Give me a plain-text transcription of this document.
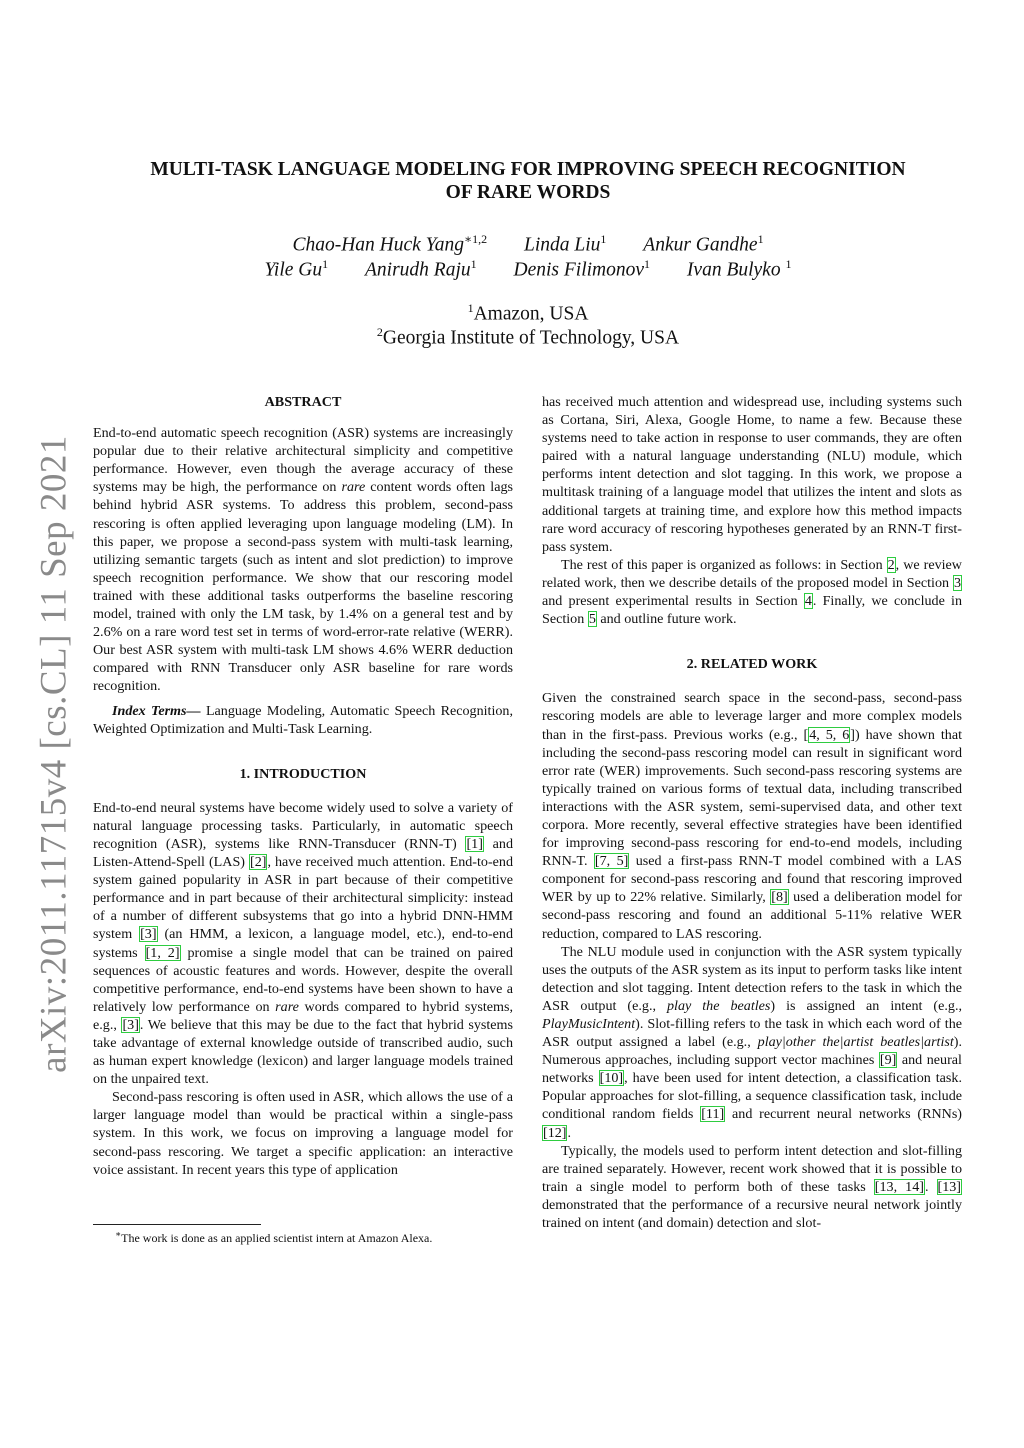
arXiv:2011.11715v4 [cs.CL] 11 Sep 2021
MULTI-TASK LANGUAGE MODELING FOR IMPROVING SPEECH RECOGNITION
OF RARE WORDS
Chao-Han Huck Yang$^{∗1,2}$ Linda Liu$^1$ Ankur Gandhe$^1$
Yile Gu$^1$ Anirudh Raju$^1$ Denis Filimonov$^1$ Ivan Bulyko $^1$
$^1$Amazon, USA
$^2$Georgia Institute of Technology, USA
ABSTRACT

End-to-end automatic speech recognition (ASR) systems are increasingly popular due to their relative architectural simplicity and competitive performance. However, even though the average accuracy of these systems may be high, the performance on rare content words often lags behind hybrid ASR systems. To address this problem, second-pass rescoring is often applied leveraging upon language modeling (LM). In this paper, we propose a second-pass system with multi-task learning, utilizing semantic targets (such as intent and slot prediction) to improve speech recognition performance. We show that our rescoring model trained with these additional tasks outperforms the baseline rescoring model, trained with only the LM task, by 1.4% on a general test and by 2.6% on a rare word test set in terms of word-error-rate relative (WERR). Our best ASR system with multi-task LM shows 4.6% WERR deduction compared with RNN Transducer only ASR baseline for rare words recognition.

Index Terms— Language Modeling, Automatic Speech Recognition, Weighted Optimization and Multi-Task Learning.

1. INTRODUCTION

End-to-end neural systems have become widely used to solve a variety of natural language processing tasks. Particularly, in automatic speech recognition (ASR), systems like RNN-Transducer (RNN-T) [1] and Listen-Attend-Spell (LAS) [2], have received much attention. End-to-end system gained popularity in ASR in part because of their competitive performance and in part because of their architectural simplicity: instead of a number of different subsystems that go into a hybrid DNN-HMM system [3] (an HMM, a lexicon, a language model, etc.), end-to-end systems [1, 2] promise a single model that can be trained on paired sequences of acoustic features and words. However, despite the overall competitive performance, end-to-end systems have been shown to have a relatively low performance on rare words compared to hybrid systems, e.g., [3]. We believe that this may be due to the fact that hybrid systems take advantage of external knowledge outside of transcribed audio, such as human expert knowledge (lexicon) and larger language models trained on the unpaired text.

Second-pass rescoring is often used in ASR, which allows the use of a larger language model than would be practical within a single-pass system. In this work, we focus on improving a language model for second-pass rescoring. We target a specific application: an interactive voice assistant. In recent years this type of application

∗The work is done as an applied scientist intern at Amazon Alexa.

has received much attention and widespread use, including systems such as Cortana, Siri, Alexa, Google Home, to name a few. Because these systems need to take action in response to user commands, they are often paired with a natural language understanding (NLU) module, which performs intent detection and slot tagging. In this work, we propose a multitask training of a language model that utilizes the intent and slots as additional targets at training time, and explore how this method impacts rare word accuracy of rescoring hypotheses generated by an RNN-T first-pass system.

The rest of this paper is organized as follows: in Section 2, we review related work, then we describe details of the proposed model in Section 3 and present experimental results in Section 4. Finally, we conclude in Section 5 and outline future work.

2. RELATED WORK

Given the constrained search space in the second-pass, second-pass rescoring models are able to leverage larger and more complex models than in the first-pass. Previous works (e.g., [4, 5, 6]) have shown that including the second-pass rescoring model can result in significant word error rate (WER) improvements. Such second-pass rescoring systems are typically trained on various forms of textual data, including transcribed interactions with the ASR system, semi-supervised data, and other text corpora. More recently, several effective strategies have been identified for improving second-pass rescoring for end-to-end models, including RNN-T. [7, 5] used a first-pass RNN-T model combined with a LAS component for second-pass rescoring and found that rescoring improved WER by up to 22% relative. Similarly, [8] used a deliberation model for second-pass rescoring and found an additional 5-11% relative WER reduction, compared to LAS rescoring.

The NLU module used in conjunction with the ASR system typically uses the outputs of the ASR system as its input to perform tasks like intent detection and slot tagging. Intent detection refers to the task in which the ASR output (e.g., play the beatles) is assigned an intent (e.g., PlayMusicIntent). Slot-filling refers to the task in which each word of the ASR output assigned a label (e.g., play|other the|artist beatles|artist). Numerous approaches, including support vector machines [9] and neural networks [10], have been used for intent detection, a classification task. Popular approaches for slot-filling, a sequence classification task, include conditional random fields [11] and recurrent neural networks (RNNs) [12].

Typically, the models used to perform intent detection and slot-filling are trained separately. However, recent work showed that it is possible to train a single model to perform both of these tasks [13, 14]. [13] demonstrated that the performance of a recursive neural network jointly trained on intent (and domain) detection and slot-
